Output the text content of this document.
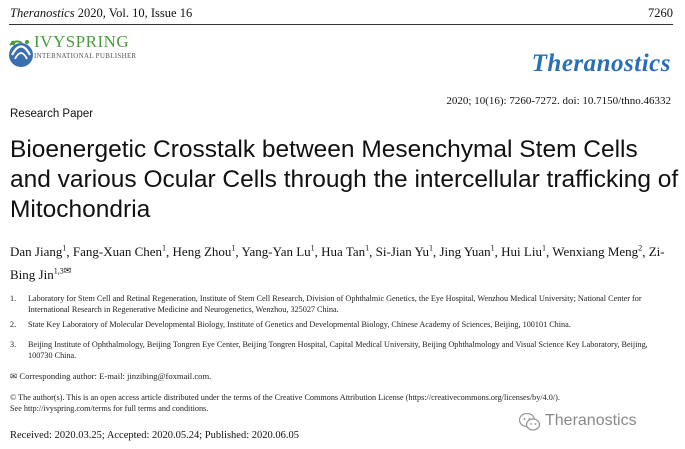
Theranostics 2020, Vol. 10, Issue 16	7260
IVYSPRING
INTERNATIONAL PUBLISHER	Theranostics
2020; 10(16): 7260-7272. doi: 10.7150/thno.46332
Research Paper
Bioenergetic Crosstalk between Mesenchymal Stem Cells and various Ocular Cells through the intercellular trafficking of Mitochondria
Dan Jiang$^1$, Fang-Xuan Chen$^1$, Heng Zhou$^1$, Yang-Yan Lu$^1$, Hua Tan$^1$, Si-Jian Yu$^1$, Jing Yuan$^1$, Hui Liu$^1$, Wenxiang Meng$^2$, Zi-Bing Jin$^{1,3✉}$
1. Laboratory for Stem Cell and Retinal Regeneration, Institute of Stem Cell Research, Division of Ophthalmic Genetics, the Eye Hospital, Wenzhou Medical University; National Center for International Research in Regenerative Medicine and Neurogenetics, Wenzhou, 325027 China.
2. State Key Laboratory of Molecular Developmental Biology, Institute of Genetics and Developmental Biology, Chinese Academy of Sciences, Beijing, 100101 China.
3. Beijing Institute of Ophthalmology, Beijing Tongren Eye Center, Beijing Tongren Hospital, Capital Medical University, Beijing Ophthalmology and Visual Science Key Laboratory, Beijing, 100730 China.
✉ Corresponding author: E-mail: jinzibing@foxmail.com.
© The author(s). This is an open access article distributed under the terms of the Creative Commons Attribution License (https://creativecommons.org/licenses/by/4.0/). See http://ivyspring.com/terms for full terms and conditions.
Received: 2020.03.25; Accepted: 2020.05.24; Published: 2020.06.05
Theranostics
